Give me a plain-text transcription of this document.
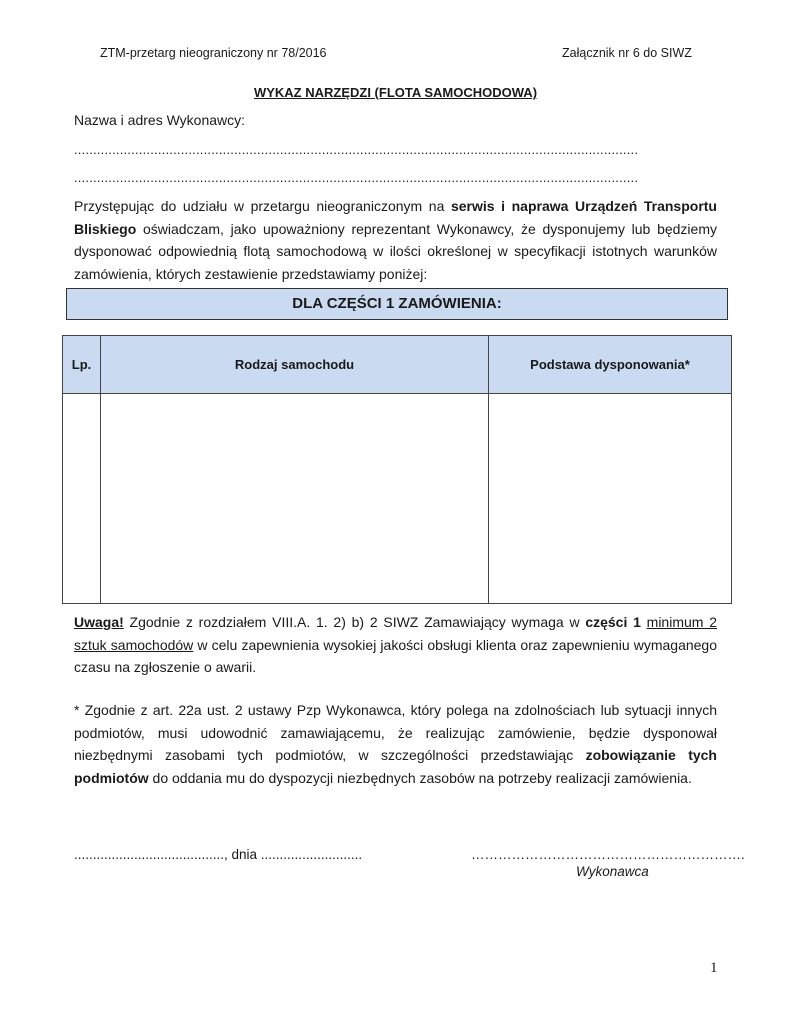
ZTM-przetarg nieograniczony nr 78/2016	Załącznik nr 6 do SIWZ
WYKAZ NARZĘDZI (FLOTA SAMOCHODOWA)
Nazwa i adres Wykonawcy:
....................................................................................................................................................
....................................................................................................................................................
Przystępując do udziału w przetargu nieograniczonym na serwis i naprawa Urządzeń Transportu Bliskiego oświadczam, jako upoważniony reprezentant Wykonawcy, że dysponujemy lub będziemy dysponować odpowiednią flotą samochodową w ilości określonej w specyfikacji istotnych warunków zamówienia, których zestawienie przedstawiamy poniżej:
DLA CZĘŚCI 1 ZAMÓWIENIA:
Lp.	Rodzaj samochodu	Podstawa dysponowania*

Uwaga! Zgodnie z rozdziałem VIII.A. 1. 2) b) 2 SIWZ Zamawiający wymaga w części 1 minimum 2 sztuk samochodów w celu zapewnienia wysokiej jakości obsługi klienta oraz zapewnieniu wymaganego czasu na zgłoszenie o awarii.
* Zgodnie z art. 22a ust. 2 ustawy Pzp Wykonawca, który polega na zdolnościach lub sytuacji innych podmiotów, musi udowodnić zamawiającemu, że realizując zamówienie, będzie dysponował niezbędnymi zasobami tych podmiotów, w szczególności przedstawiając zobowiązanie tych podmiotów do oddania mu do dyspozycji niezbędnych zasobów na potrzeby realizacji zamówienia.
........................................, dnia ...........................	…………………………………………………….
Wykonawca
1
